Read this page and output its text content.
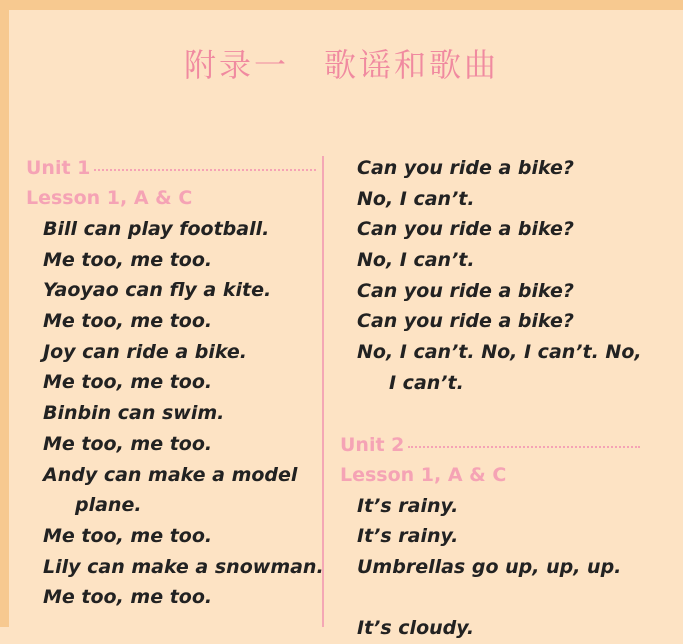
附录一　歌谣和歌曲
Unit 1
Lesson 1, A & C
Bill can play football.
Me too, me too.
Yaoyao can fly a kite.
Me too, me too.
Joy can ride a bike.
Me too, me too.
Binbin can swim.
Me too, me too.
Andy can make a model
plane.
Me too, me too.
Lily can make a snowman.
Me too, me too.
Can you ride a bike?
No, I can’t.
Can you ride a bike?
No, I can’t.
Can you ride a bike?
Can you ride a bike?
No, I can’t. No, I can’t. No,
I can’t.
Unit 2
Lesson 1, A & C
It’s rainy.
It’s rainy.
Umbrellas go up, up, up.
It’s cloudy.
